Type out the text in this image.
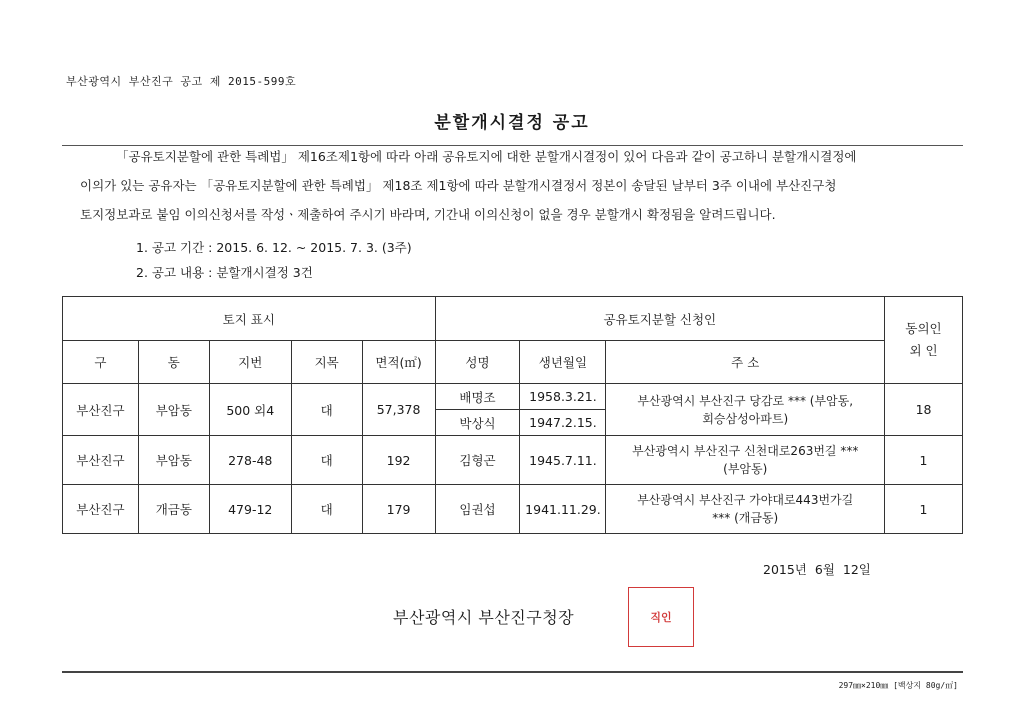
부산광역시 부산진구 공고 제 2015-599호
분할개시결정 공고

「공유토지분할에 관한 특례법」 제16조제1항에 따라 아래 공유토지에 대한 분할개시결정이 있어 다음과 같이 공고하니 분할개시결정에

이의가 있는 공유자는 「공유토지분할에 관한 특례법」 제18조 제1항에 따라 분할개시결정서 정본이 송달된 날부터 3주 이내에 부산진구청

토지정보과로 붙임 이의신청서를 작성ㆍ제출하여 주시기 바라며, 기간내 이의신청이 없을 경우 분할개시 확정됨을 알려드립니다.

1. 공고 기간 : 2015. 6. 12. ~ 2015. 7. 3. (3주)
2. 공고 내용 : 분할개시결정 3건
토지 표시					공유토지분할 신청인			동의인
외 인

구	동	지번	지목	면적(㎡)	성명	생년월일	주 소	
부산진구	부암동	500 외4	대	57,378	배명조	1958.3.21.	부산광역시 부산진구 당감로 *** (부암동,
회승삼성아파트)	18
					박상식	1947.2.15.		
부산진구	부암동	278-48	대	192	김형곤	1945.7.11.	부산광역시 부산진구 신천대로263번길 ***
(부암동)	1
부산진구	개금동	479-12	대	179	임권섭	1941.11.29.	부산광역시 부산진구 가야대로443번가길
*** (개금동)	1
2015년 6월 12일
부산광역시 부산진구청장	직인
297㎜×210㎜ [백상지 80g/㎡]
